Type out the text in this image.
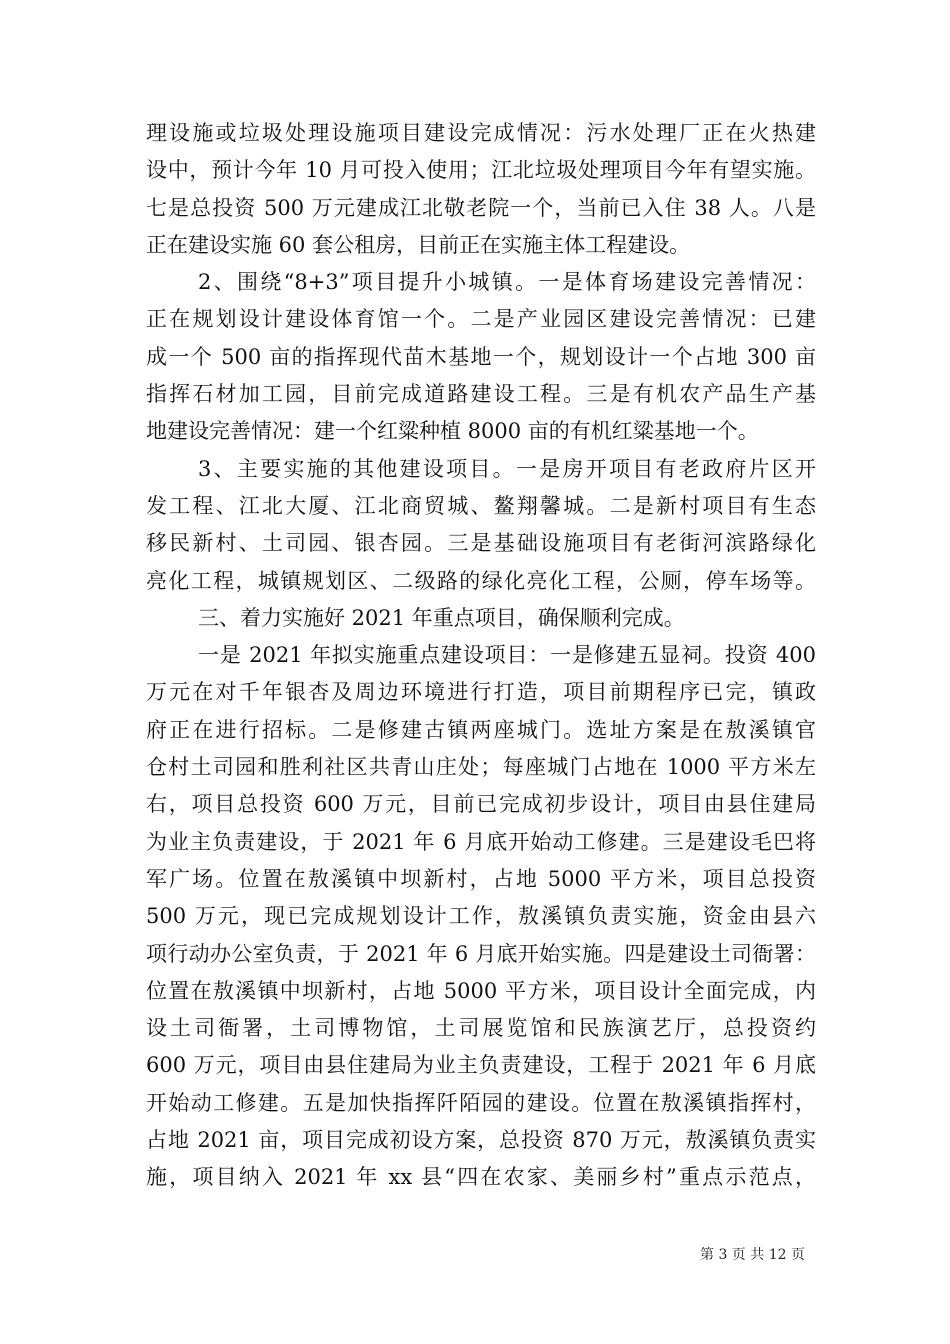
理设施或垃圾处理设施项目建设完成情况：污水处理厂正在火热建
设中，预计今年 10 月可投入使用；江北垃圾处理项目今年有望实施。
七是总投资 500 万元建成江北敬老院一个，当前已入住 38 人。八是
正在建设实施 60 套公租房，目前正在实施主体工程建设。
2、围绕“8+3”项目提升小城镇。一是体育场建设完善情况：
正在规划设计建设体育馆一个。二是产业园区建设完善情况：已建
成一个 500 亩的指挥现代苗木基地一个，规划设计一个占地 300 亩
指挥石材加工园，目前完成道路建设工程。三是有机农产品生产基
地建设完善情况：建一个红粱种植 8000 亩的有机红粱基地一个。
3、主要实施的其他建设项目。一是房开项目有老政府片区开
发工程、江北大厦、江北商贸城、鳌翔馨城。二是新村项目有生态
移民新村、土司园、银杏园。三是基础设施项目有老街河滨路绿化
亮化工程，城镇规划区、二级路的绿化亮化工程，公厕，停车场等。
三、着力实施好 2021 年重点项目，确保顺利完成。
一是 2021 年拟实施重点建设项目：一是修建五显祠。投资 400
万元在对千年银杏及周边环境进行打造，项目前期程序已完，镇政
府正在进行招标。二是修建古镇两座城门。选址方案是在敖溪镇官
仓村土司园和胜利社区共青山庄处；每座城门占地在 1000 平方米左
右，项目总投资 600 万元，目前已完成初步设计，项目由县住建局
为业主负责建设，于 2021 年 6 月底开始动工修建。三是建设毛巴将
军广场。位置在敖溪镇中坝新村，占地 5000 平方米，项目总投资
500 万元，现已完成规划设计工作，敖溪镇负责实施，资金由县六
项行动办公室负责，于 2021 年 6 月底开始实施。四是建设土司衙署：
位置在敖溪镇中坝新村，占地 5000 平方米，项目设计全面完成，内
设土司衙署，土司博物馆，土司展览馆和民族演艺厅，总投资约
600 万元，项目由县住建局为业主负责建设，工程于 2021 年 6 月底
开始动工修建。五是加快指挥阡陌园的建设。位置在敖溪镇指挥村，
占地 2021 亩，项目完成初设方案，总投资 870 万元，敖溪镇负责实
施，项目纳入 2021 年 xx 县“四在农家、美丽乡村”重点示范点，
第 3 页 共 12 页
